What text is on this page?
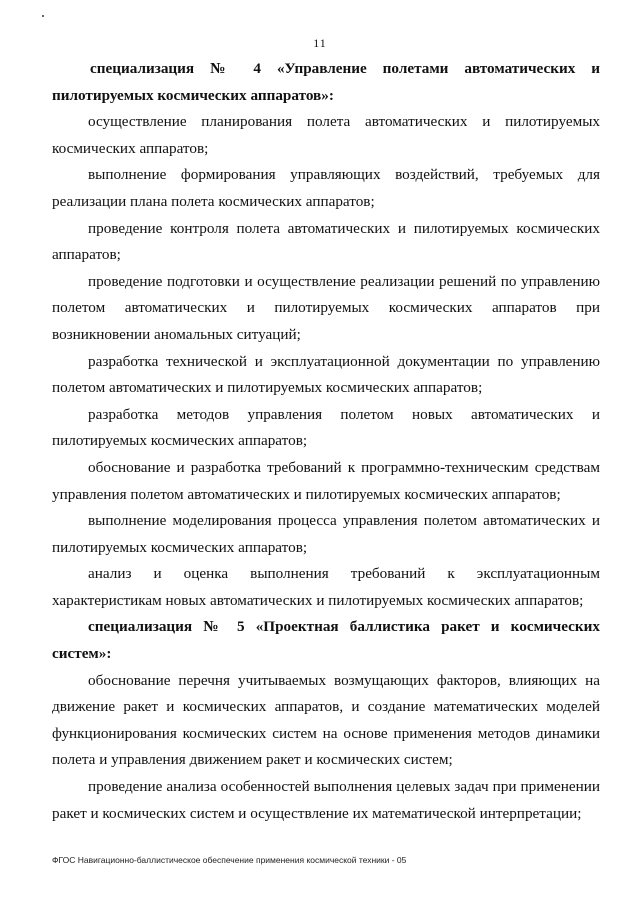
11

специализация № 4 «Управление полетами автоматических и пилотируемых космических аппаратов»:

осуществление планирования полета автоматических и пилотируемых космических аппаратов;

выполнение формирования управляющих воздействий, требуемых для реализации плана полета космических аппаратов;

проведение контроля полета автоматических и пилотируемых космических аппаратов;

проведение подготовки и осуществление реализации решений по управлению полетом автоматических и пилотируемых космических аппаратов при возникновении аномальных ситуаций;

разработка технической и эксплуатационной документации по управлению полетом автоматических и пилотируемых космических аппаратов;

разработка методов управления полетом новых автоматических и пилотируемых космических аппаратов;

обоснование и разработка требований к программно-техническим средствам управления полетом автоматических и пилотируемых космических аппаратов;

выполнение моделирования процесса управления полетом автоматических и пилотируемых космических аппаратов;

анализ и оценка выполнения требований к эксплуатационным характеристикам новых автоматических и пилотируемых космических аппаратов;

специализация № 5 «Проектная баллистика ракет и космических систем»:

обоснование перечня учитываемых возмущающих факторов, влияющих на движение ракет и космических аппаратов, и создание математических моделей функционирования космических систем на основе применения методов динамики полета и управления движением ракет и космических систем;

проведение анализа особенностей выполнения целевых задач при применении ракет и космических систем и осуществление их математической интерпретации;

ФГОС Навигационно-баллистическое обеспечение применения космической техники - 05
